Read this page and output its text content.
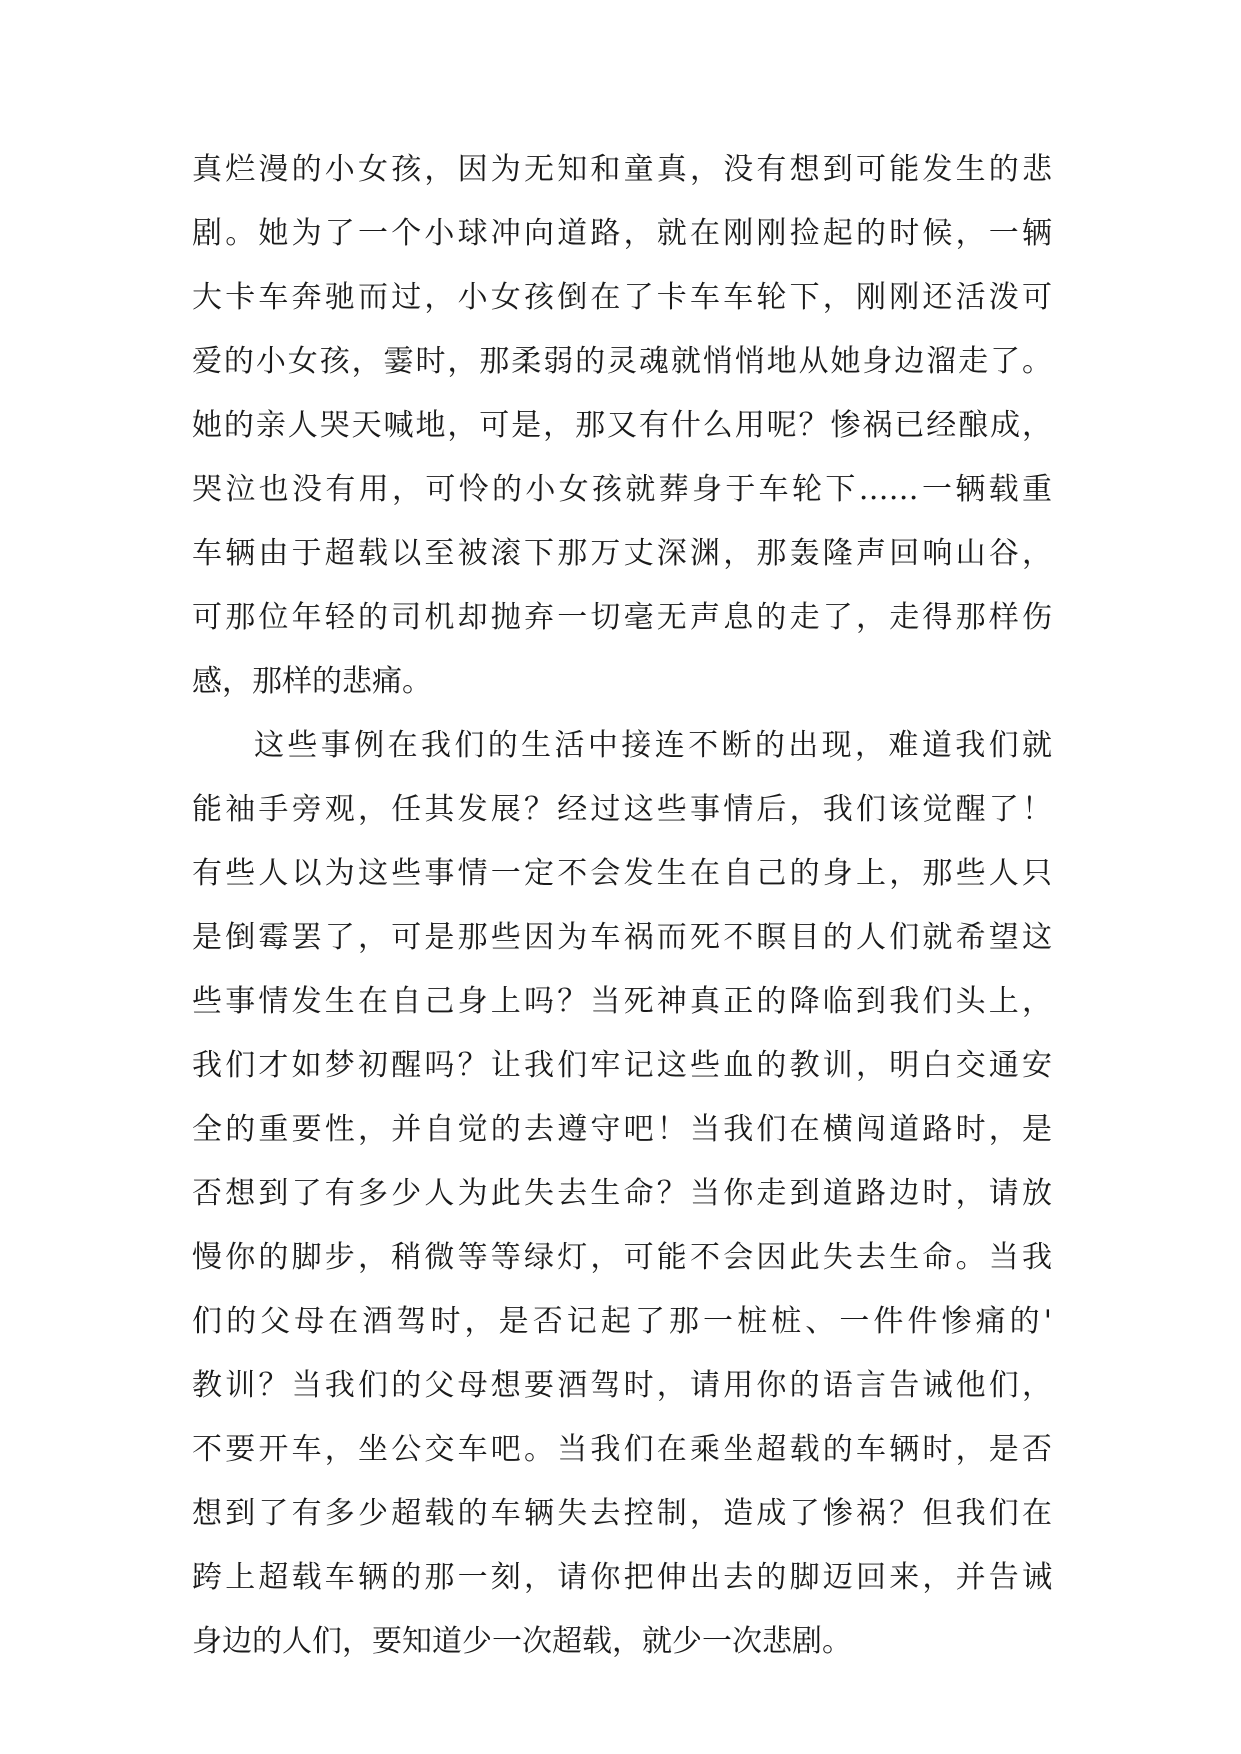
真烂漫的小女孩，因为无知和童真，没有想到可能发生的悲
剧。她为了一个小球冲向道路，就在刚刚捡起的时候，一辆
大卡车奔驰而过，小女孩倒在了卡车车轮下，刚刚还活泼可
爱的小女孩，霎时，那柔弱的灵魂就悄悄地从她身边溜走了。
她的亲人哭天喊地，可是，那又有什么用呢？惨祸已经酿成，
哭泣也没有用，可怜的小女孩就葬身于车轮下……一辆载重
车辆由于超载以至被滚下那万丈深渊，那轰隆声回响山谷，
可那位年轻的司机却抛弃一切毫无声息的走了，走得那样伤
感，那样的悲痛。
这些事例在我们的生活中接连不断的出现，难道我们就
能袖手旁观，任其发展？经过这些事情后，我们该觉醒了！
有些人以为这些事情一定不会发生在自己的身上，那些人只
是倒霉罢了，可是那些因为车祸而死不瞑目的人们就希望这
些事情发生在自己身上吗？当死神真正的降临到我们头上，
我们才如梦初醒吗？让我们牢记这些血的教训，明白交通安
全的重要性，并自觉的去遵守吧！当我们在横闯道路时，是
否想到了有多少人为此失去生命？当你走到道路边时，请放
慢你的脚步，稍微等等绿灯，可能不会因此失去生命。当我
们的父母在酒驾时，是否记起了那一桩桩、一件件惨痛的'
教训？当我们的父母想要酒驾时，请用你的语言告诫他们，
不要开车，坐公交车吧。当我们在乘坐超载的车辆时，是否
想到了有多少超载的车辆失去控制，造成了惨祸？但我们在
跨上超载车辆的那一刻，请你把伸出去的脚迈回来，并告诫
身边的人们，要知道少一次超载，就少一次悲剧。
